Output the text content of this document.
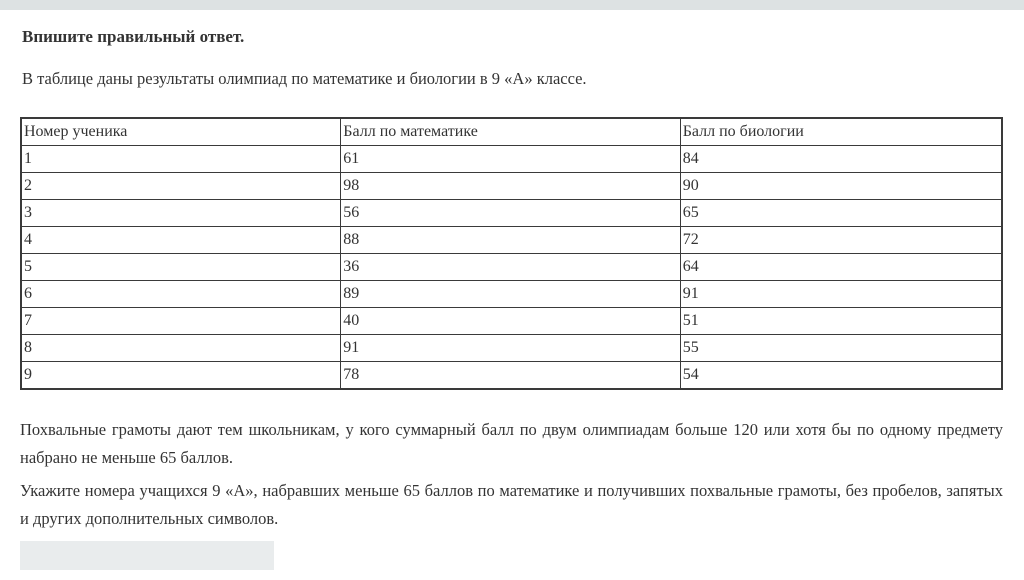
Впишите правильный ответ.

В таблице даны результаты олимпиад по математике и биологии в 9 «А» классе.

Номер ученика	Балл по математике	Балл по биологии
1	61	84
2	98	90
3	56	65
4	88	72
5	36	64
6	89	91
7	40	51
8	91	55
9	78	54

Похвальные грамоты дают тем школьникам, у кого суммарный балл по двум олимпиадам больше 120 или хотя бы по одному предмету набрано не меньше 65 баллов.

Укажите номера учащихся 9 «А», набравших меньше 65 баллов по математике и получивших похвальные грамоты, без пробелов, запятых и других дополнительных символов.
